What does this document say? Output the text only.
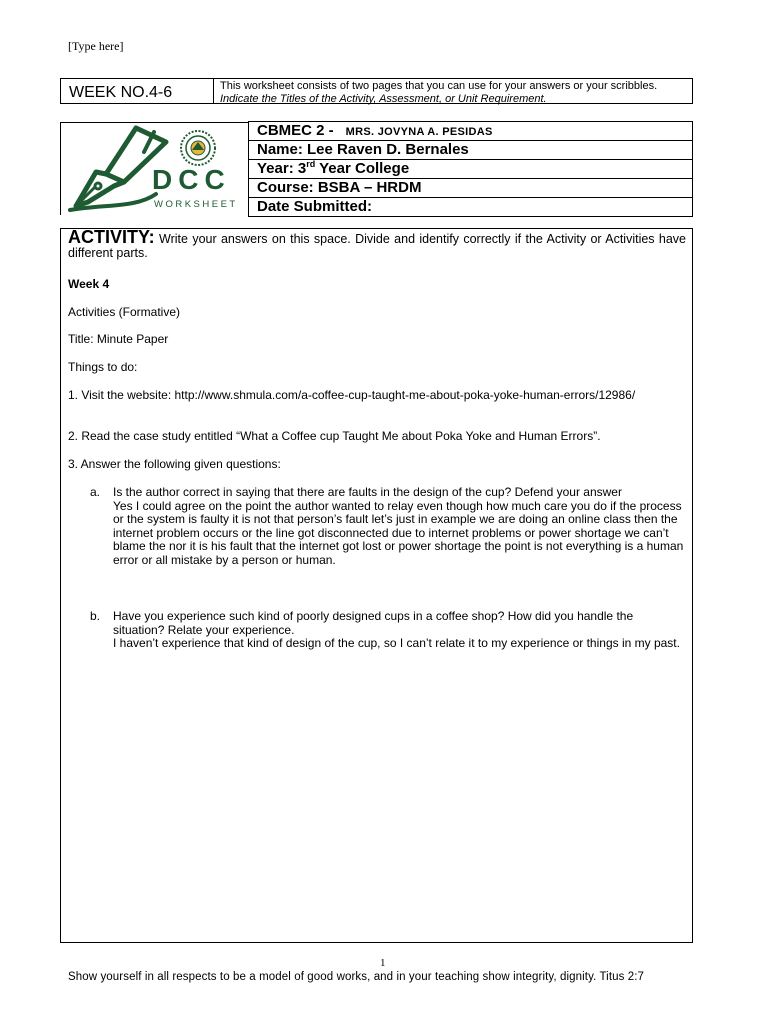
[Type here]
WEEK NO.4-6	This worksheet consists of two pages that you can use for your answers or your scribbles. Indicate the Titles of the Activity, Assessment, or Unit Requirement.
DCC
WORKSHEET
CBMEC 2 - MRS. JOVYNA A. PESIDAS
Name: Lee Raven D. Bernales
Year: 3rd Year College
Course: BSBA – HRDM
Date Submitted:
ACTIVITY: Write your answers on this space. Divide and identify correctly if the Activity or Activities have different parts.
Week 4
Activities (Formative)
Title: Minute Paper
Things to do:
1. Visit the website: http://www.shmula.com/a-coffee-cup-taught-me-about-poka-yoke-human-errors/12986/
2. Read the case study entitled “What a Coffee cup Taught Me about Poka Yoke and Human Errors”.
3. Answer the following given questions:
a. Is the author correct in saying that there are faults in the design of the cup? Defend your answer
Yes I could agree on the point the author wanted to relay even though how much care you do if the process or the system is faulty it is not that person’s fault let’s just in example we are doing an online class then the internet problem occurs or the line got disconnected due to internet problems or power shortage we can’t blame the nor it is his fault that the internet got lost or power shortage the point is not everything is a human error or all mistake by a person or human.
b. Have you experience such kind of poorly designed cups in a coffee shop? How did you handle the situation? Relate your experience.
I haven’t experience that kind of design of the cup, so I can’t relate it to my experience or things in my past.
1
Show yourself in all respects to be a model of good works, and in your teaching show integrity, dignity. Titus 2:7
